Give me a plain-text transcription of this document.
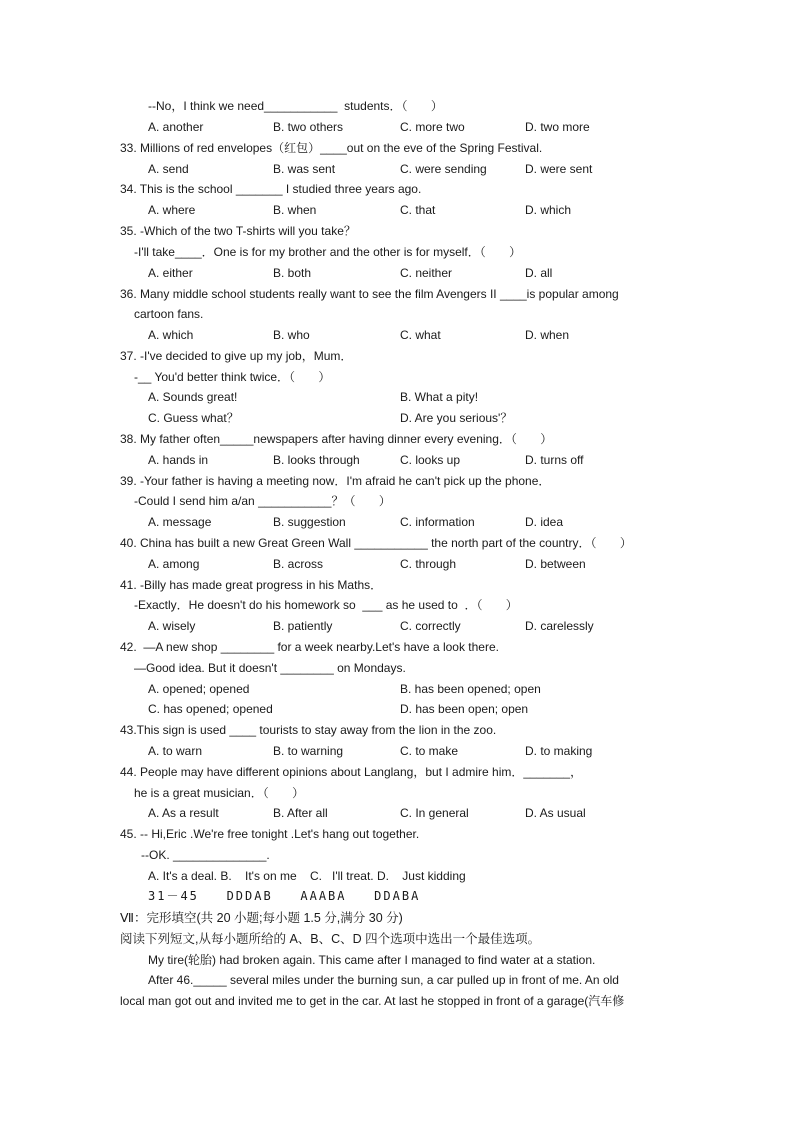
--No，I think we need___________  students．（       ）
A. another	B. two others	C. more two	D. two more
33. Millions of red envelopes（红包）____out on the eve of the Spring Festival.
A. send	B. was sent	C. were sending	D. were sent
34. This is the school _______ I studied three years ago.
A. where	B. when	C. that	D. which
35. -Which of the two T-shirts will you take？
-I'll take____．One is for my brother and the other is for myself．（       ）
A. either	B. both	C. neither	D. all
36. Many middle school students really want to see the film Avengers II ____is popular among
cartoon fans.
A. which	B. who	C. what	D. when
37. -I've decided to give up my job，Mum．
-__ You'd better think twice．（       ）
A. Sounds great!	B. What a pity!
C. Guess what？	D. Are you serious'？
38. My father often_____newspapers after having dinner every evening．（       ）
A. hands in	B. looks through	C. looks up	D. turns off
39. -Your father is having a meeting now．I'm afraid he can't pick up the phone．
-Could I send him a/an ___________？（       ）
A. message	B. suggestion	C. information	D. idea
40. China has built a new Great Green Wall ___________ the north part of the country．（       ）
A. among	B. across	C. through	D. between
41. -Billy has made great progress in his Maths．
-Exactly．He doesn't do his homework so  ___ as he used to  ．（       ）
A. wisely	B. patiently	C. correctly	D. carelessly
42.  —A new shop ________ for a week nearby.Let's have a look there.
—Good idea. But it doesn't ________ on Mondays.
A. opened; opened	B. has been opened; open
C. has opened; opened	D. has been open; open
43.This sign is used ____ tourists to stay away from the lion in the zoo.
A. to warn	B. to warning	C. to make	D. to making
44. People may have different opinions about Langlang，but I admire him．_______，
he is a great musician．（       ）
A. As a result	B. After all	C. In general	D. As usual
45. -- Hi,Eric .We're free tonight .Let's hang out together.
--OK. ______________.
A. It's a deal. B.    It's on me    C.   I'll treat. D.    Just kidding
31－45   DDDAB   AAABA   DDABA
Ⅶ：完形填空(共 20 小题;每小题 1.5 分,满分 30 分)
阅读下列短文,从每小题所给的 A、B、C、D 四个选项中选出一个最佳选项。
My tire(轮胎) had broken again. This came after I managed to find water at a station.
After 46._____ several miles under the burning sun, a car pulled up in front of me. An old
local man got out and invited me to get in the car. At last he stopped in front of a garage(汽车修
